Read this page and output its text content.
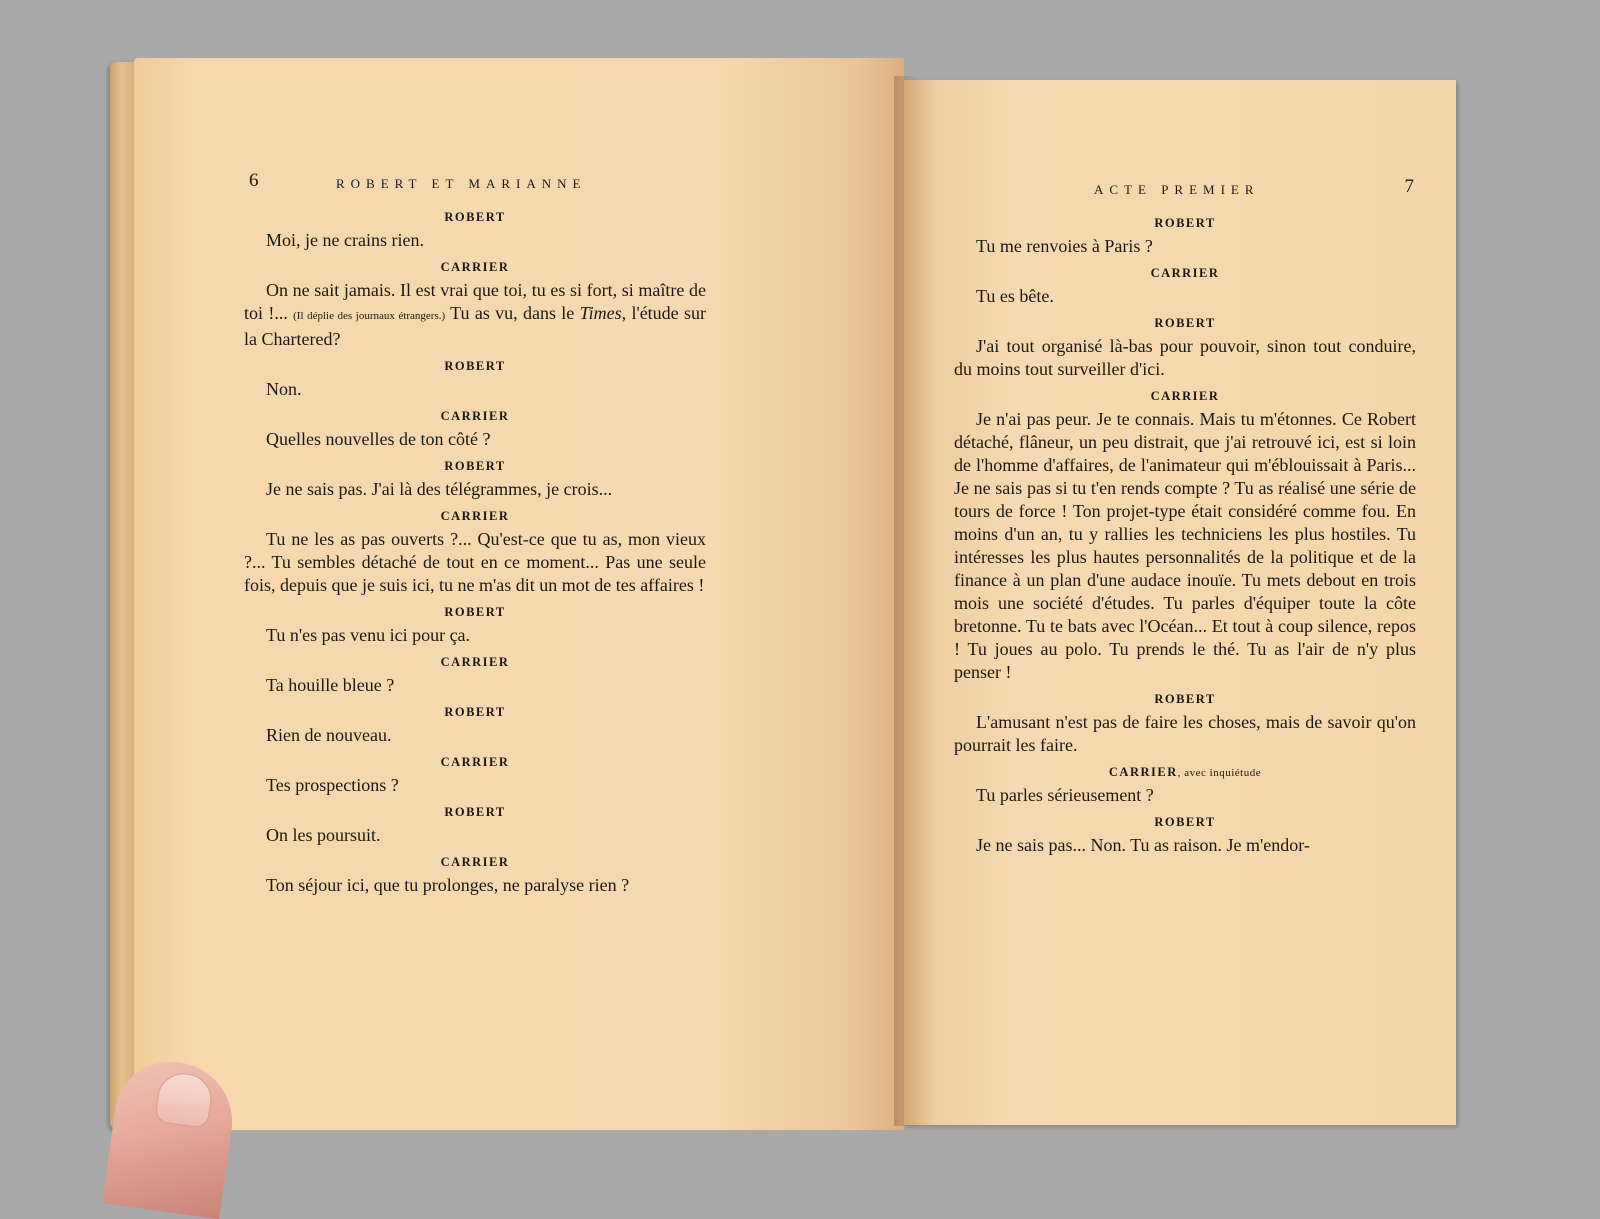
6	ROBERT ET MARIANNE
ROBERT

Moi, je ne crains rien.

CARRIER

On ne sait jamais. Il est vrai que toi, tu es si fort, si maître de toi !... (Il déplie des journaux étrangers.) Tu as vu, dans le Times, l'étude sur la Chartered?

ROBERT

Non.

CARRIER

Quelles nouvelles de ton côté ?

ROBERT

Je ne sais pas. J'ai là des télégrammes, je crois...

CARRIER

Tu ne les as pas ouverts ?... Qu'est-ce que tu as, mon vieux ?... Tu sembles détaché de tout en ce moment... Pas une seule fois, depuis que je suis ici, tu ne m'as dit un mot de tes affaires !

ROBERT

Tu n'es pas venu ici pour ça.

CARRIER

Ta houille bleue ?

ROBERT

Rien de nouveau.

CARRIER

Tes prospections ?

ROBERT

On les poursuit.

CARRIER

Ton séjour ici, que tu prolonges, ne paralyse rien ?

ACTE PREMIER	7
ROBERT

Tu me renvoies à Paris ?

CARRIER

Tu es bête.

ROBERT

J'ai tout organisé là-bas pour pouvoir, sinon tout conduire, du moins tout surveiller d'ici.

CARRIER

Je n'ai pas peur. Je te connais. Mais tu m'étonnes. Ce Robert détaché, flâneur, un peu distrait, que j'ai retrouvé ici, est si loin de l'homme d'affaires, de l'animateur qui m'éblouissait à Paris... Je ne sais pas si tu t'en rends compte ? Tu as réalisé une série de tours de force ! Ton projet-type était considéré comme fou. En moins d'un an, tu y rallies les techniciens les plus hostiles. Tu intéresses les plus hautes personnalités de la politique et de la finance à un plan d'une audace inouïe. Tu mets debout en trois mois une société d'études. Tu parles d'équiper toute la côte bretonne. Tu te bats avec l'Océan... Et tout à coup silence, repos ! Tu joues au polo. Tu prends le thé. Tu as l'air de n'y plus penser !

ROBERT

L'amusant n'est pas de faire les choses, mais de savoir qu'on pourrait les faire.

CARRIER, avec inquiétude

Tu parles sérieusement ?

ROBERT

Je ne sais pas... Non. Tu as raison. Je m'endor-
